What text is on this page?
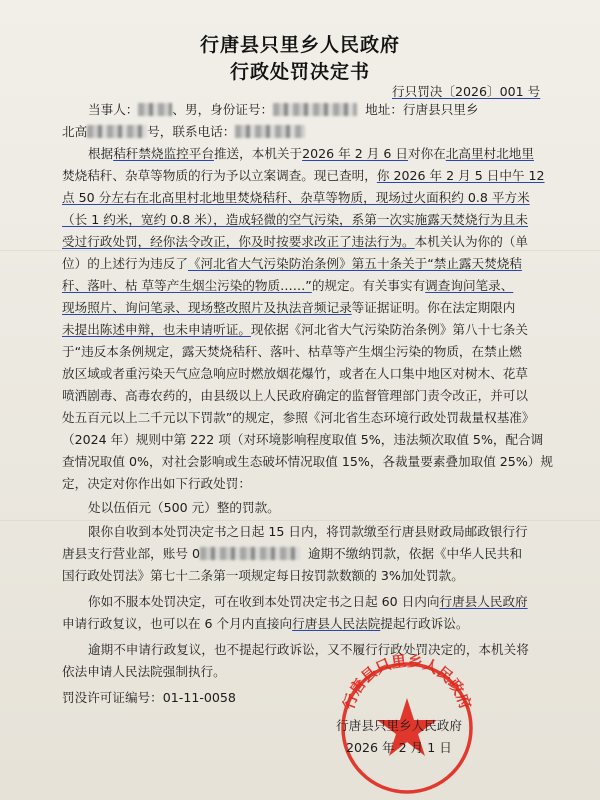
行唐县只里乡人民政府
行政处罚决定书
行只罚决〔2026〕001 号
当事人：	、男，身份证号：	地址：行唐县只里乡
北高	号，联系电话：
根据秸秆禁烧监控平台推送，本机关于2026 年 2 月 6 日对你在北高里村北地里
焚烧秸秆、杂草等物质的行为予以立案调查。现已查明，你 2026 年 2 月 5 日中午 12
点 50 分左右在北高里村北地里焚烧秸秆、杂草等物质，现场过火面积约 0.8 平方米
（长 1 约米，宽约 0.8 米），造成轻微的空气污染，系第一次实施露天焚烧行为且未
受过行政处罚，经你法令改正，你及时按要求改正了违法行为。本机关认为你的（单
位）的上述行为违反了《河北省大气污染防治条例》第五十条关于“禁止露天焚烧秸
秆、落叶、枯 草等产生烟尘污染的物质……”的规定。有关事实有调查询问笔录、
现场照片、询问笔录、现场整改照片及执法音频记录等证据证明。你在法定期限内
未提出陈述申辩，也未申请听证。现依据《河北省大气污染防治条例》第八十七条关
于“违反本条例规定，露天焚烧秸秆、落叶、枯草等产生烟尘污染的物质，在禁止燃
放区域或者重污染天气应急响应时燃放烟花爆竹，或者在人口集中地区对树木、花草
喷洒剧毒、高毒农药的，由县级以上人民政府确定的监督管理部门责令改正，并可以
处五百元以上二千元以下罚款”的规定，参照《河北省生态环境行政处罚裁量权基准》
（2024 年）规则中第 222 项（对环境影响程度取值 5%，违法频次取值 5%，配合调
查情况取值 0%，对社会影响或生态破坏情况取值 15%，各裁量要素叠加取值 25%）规
定，决定对你作出如下行政处罚：
处以伍佰元（500 元）整的罚款。
限你自收到本处罚决定书之日起 15 日内，将罚款缴至行唐县财政局邮政银行行
唐县支行营业部，账号 0	逾期不缴纳罚款，依据《中华人民共和
国行政处罚法》第七十二条第一项规定每日按罚款数额的 3%加处罚款。
你如不服本处罚决定，可在收到本处罚决定书之日起 60 日内向行唐县人民政府
申请行政复议，也可以在 6 个月内直接向行唐县人民法院提起行政诉讼。
逾期不申请行政复议，也不提起行政诉讼，又不履行行政处罚决定的，本机关将
依法申请人民法院强制执行。
罚没许可证编号：01-11-0058	行唐县只里乡人民政府
行唐县只里乡人民政府
2026 年 2 月 1 日
